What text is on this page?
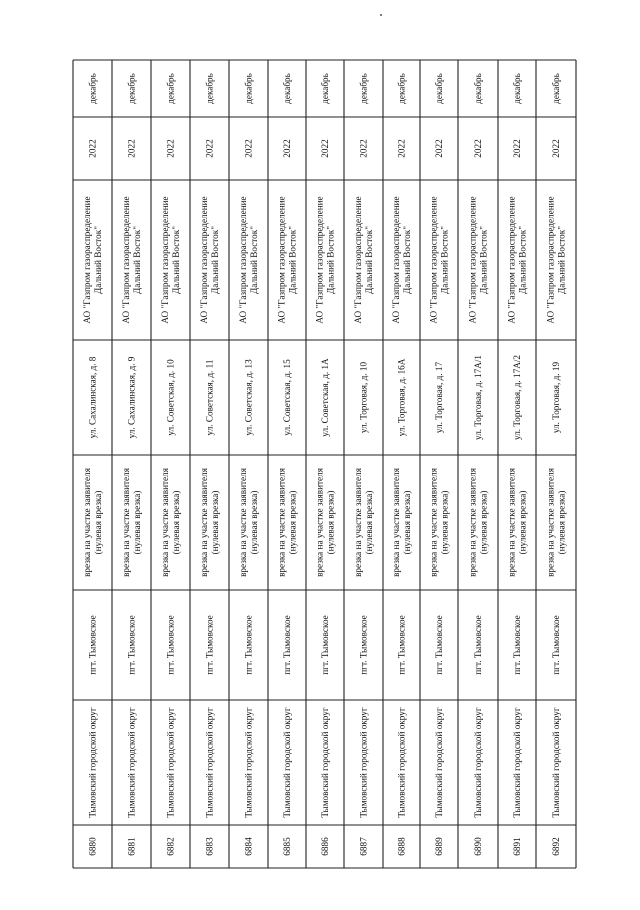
декабрь
2022
АО "Газпром газораспределениеДальний Восток"
ул. Сахалинская, д. 8
врезка на участке заявителя(нулевая врезка)
пгт. Тымовское
Тымовский городской округ
6880
декабрь
2022
АО "Газпром газораспределениеДальний Восток"
ул. Сахалинская, д. 9
врезка на участке заявителя(нулевая врезка)
пгт. Тымовское
Тымовский городской округ
6881
декабрь
2022
АО "Газпром газораспределениеДальний Восток"
ул. Советская, д. 10
врезка на участке заявителя(нулевая врезка)
пгт. Тымовское
Тымовский городской округ
6882
декабрь
2022
АО "Газпром газораспределениеДальний Восток"
ул. Советская, д. 11
врезка на участке заявителя(нулевая врезка)
пгт. Тымовское
Тымовский городской округ
6883
декабрь
2022
АО "Газпром газораспределениеДальний Восток"
ул. Советская, д. 13
врезка на участке заявителя(нулевая врезка)
пгт. Тымовское
Тымовский городской округ
6884
декабрь
2022
АО "Газпром газораспределениеДальний Восток"
ул. Советская, д. 15
врезка на участке заявителя(нулевая врезка)
пгт. Тымовское
Тымовский городской округ
6885
декабрь
2022
АО "Газпром газораспределениеДальний Восток"
ул. Советская, д. 1А
врезка на участке заявителя(нулевая врезка)
пгт. Тымовское
Тымовский городской округ
6886
декабрь
2022
АО "Газпром газораспределениеДальний Восток"
ул. Торговая, д. 10
врезка на участке заявителя(нулевая врезка)
пгт. Тымовское
Тымовский городской округ
6887
декабрь
2022
АО "Газпром газораспределениеДальний Восток"
ул. Торговая, д. 16А
врезка на участке заявителя(нулевая врезка)
пгт. Тымовское
Тымовский городской округ
6888
декабрь
2022
АО "Газпром газораспределениеДальний Восток"
ул. Торговая, д. 17
врезка на участке заявителя(нулевая врезка)
пгт. Тымовское
Тымовский городской округ
6889
декабрь
2022
АО "Газпром газораспределениеДальний Восток"
ул. Торговая, д. 17А/1
врезка на участке заявителя(нулевая врезка)
пгт. Тымовское
Тымовский городской округ
6890
декабрь
2022
АО "Газпром газораспределениеДальний Восток"
ул. Торговая, д. 17А/2
врезка на участке заявителя(нулевая врезка)
пгт. Тымовское
Тымовский городской округ
6891
декабрь
2022
АО "Газпром газораспределениеДальний Восток"
ул. Торговая, д. 19
врезка на участке заявителя(нулевая врезка)
пгт. Тымовское
Тымовский городской округ
6892
